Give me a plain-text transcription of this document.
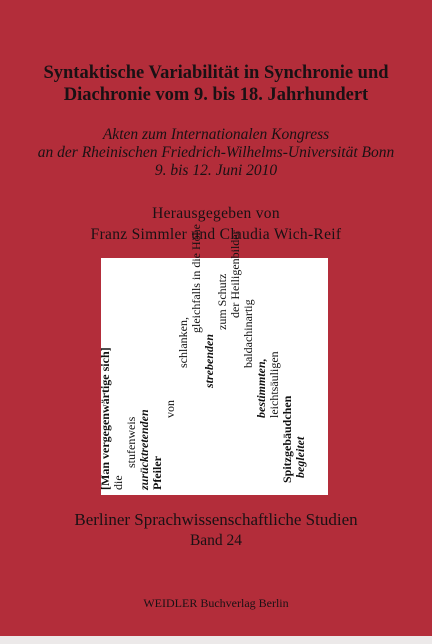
Syntaktische Variabilität in Synchronie und
Diachronie vom 9. bis 18. Jahrhundert
Akten zum Internationalen Kongress
an der Rheinischen Friedrich-Wilhelms-Universität Bonn
9. bis 12. Juni 2010
Herausgegeben von
Franz Simmler und Claudia Wich-Reif
[Man vergegenwärtige sich] die
stufenweis zurücktretenden Pfeiler
von
schlanken,
gleichfalls in die Höhe
strebenden
zum Schutz der Heiligenbilder
baldachinartig
bestimmten, leichtsäuligen
Spitzgebäudchen begleitet
Berliner Sprachwissenschaftliche Studien
Band 24
WEIDLER Buchverlag Berlin
